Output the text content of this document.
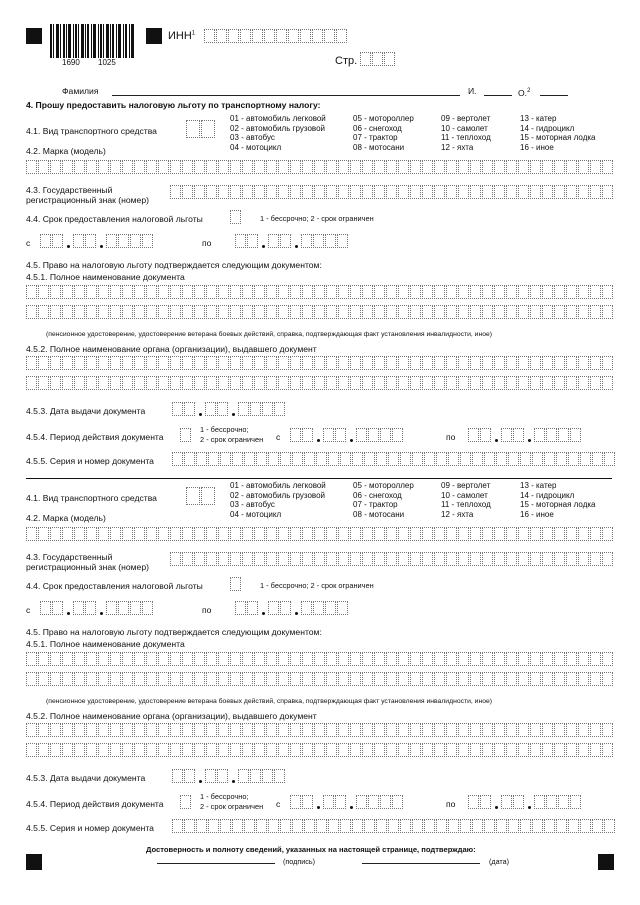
1690 1025
ИНН$^1$
Стр.
Фамилия	И.	О.$^2$
4. Прошу предоставить налоговую льготу по транспортному налогу:
4.1. Вид транспортного средства
01 - автомобиль легковой
02 - автомобиль грузовой
03 - автобус
04 - мотоцикл
05 - мотороллер
06 - снегоход
07 - трактор
08 - мотосани
09 - вертолет
10 - самолет
11 - теплоход
12 - яхта
13 - катер
14 - гидроцикл
15 - моторная лодка
16 - иное
4.2. Марка (модель)
4.3. Государственный
регистрационный знак (номер)
4.4. Срок предоставления налоговой льготы	1 - бессрочно; 2 - срок ограничен
с	по
4.5. Право на налоговую льготу подтверждается следующим документом:
4.5.1. Полное наименование документа
(пенсионное удостоверение, удостоверение ветерана боевых действий, справка, подтверждающая факт установления инвалидности, иное)
4.5.2. Полное наименование органа (организации), выдавшего документ
4.5.3. Дата выдачи документа
4.5.4. Период действия документа
1 - бессрочно;
2 - срок ограничен с	по
4.5.5. Серия и номер документа
4.1. Вид транспортного средства
01 - автомобиль легковой
02 - автомобиль грузовой
03 - автобус
04 - мотоцикл
05 - мотороллер
06 - снегоход
07 - трактор
08 - мотосани
09 - вертолет
10 - самолет
11 - теплоход
12 - яхта
13 - катер
14 - гидроцикл
15 - моторная лодка
16 - иное
4.2. Марка (модель)
4.3. Государственный
регистрационный знак (номер)
4.4. Срок предоставления налоговой льготы	1 - бессрочно; 2 - срок ограничен
с	по
4.5. Право на налоговую льготу подтверждается следующим документом:
4.5.1. Полное наименование документа
(пенсионное удостоверение, удостоверение ветерана боевых действий, справка, подтверждающая факт установления инвалидности, иное)
4.5.2. Полное наименование органа (организации), выдавшего документ
4.5.3. Дата выдачи документа
4.5.4. Период действия документа
1 - бессрочно;
2 - срок ограничен с	по
4.5.5. Серия и номер документа
Достоверность и полноту сведений, указанных на настоящей странице, подтверждаю:
(подпись)	(дата)
